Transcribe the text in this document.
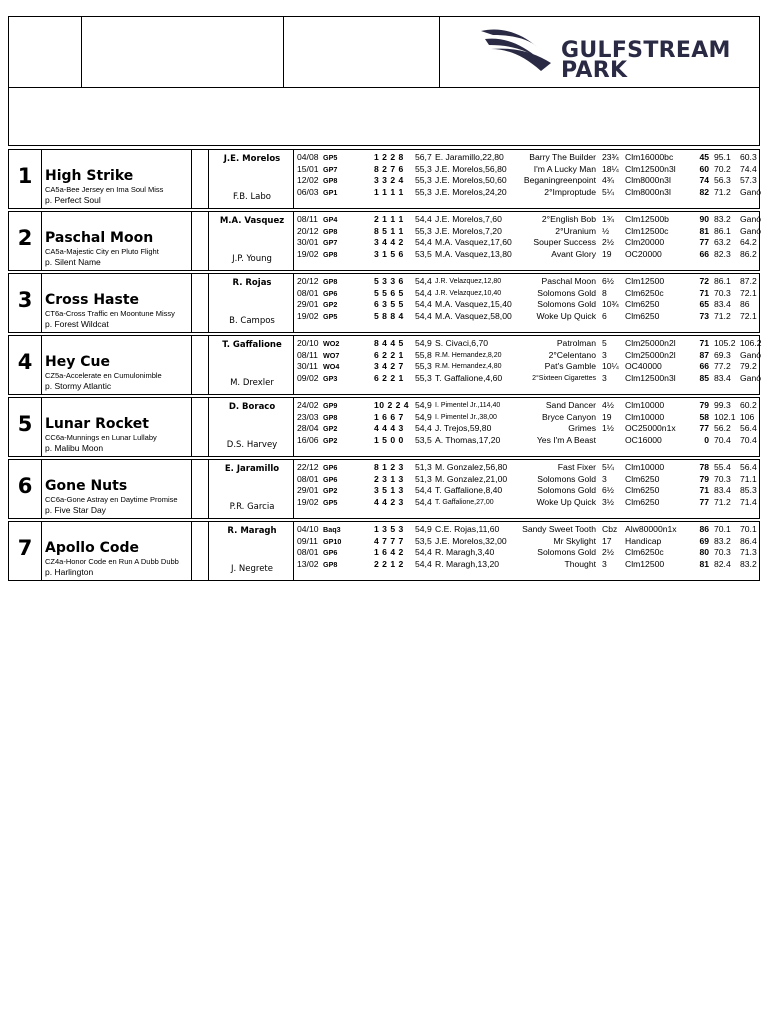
GULFSTREAM
PARK
1 High Strike
CA5a-Bee Jersey en Ima Soul Miss
p. Perfect Soul
J.E. Morelos
F.B. Labo
04/08 GP5	1 2 2 8 56,7 E. Jaramillo,22,80	Barry The Builder 23¾ Clm16000bc	45 95.1 60.3
15/01 GP7	8 2 7 6 55,3 J.E. Morelos,56,80	I'm A Lucky Man 18¼ Clm12500n3l	60 70.2 74.4
12/02 GP8	3 3 2 4 55,3 J.E. Morelos,50,60 Beganingreenpoint 4¾ Clm8000n3l	74 56.3 57.3
06/03 GP1	1 1 1 1 55,3 J.E. Morelos,24,20	2°Improptude 5¼ Clm8000n3l	82 71.2 Ganó
2 Paschal Moon
CA5a-Majestic City en Pluto Flight
p. Silent Name
M.A. Vasquez
J.P. Young
08/11 GP4	2 1 1 1 54,4 J.E. Morelos,7,60	2°English Bob 1¾ Clm12500b	90 83.2 Ganó
20/12 GP8	8 5 1 1 55,3 J.E. Morelos,7,20	2°Uranium ½ Clm12500c	81 86.1 Ganó
30/01 GP7	3 4 4 2 54,4 M.A. Vasquez,17,60	Souper Success 2½ Clm20000	77 63.2 64.2
19/02 GP8	3 1 5 6 53,5 M.A. Vasquez,13,80	Avant Glory 19 OC20000	66 82.3 86.2
3 Cross Haste
CT6a-Cross Traffic en Moontune Missy
p. Forest Wildcat
R. Rojas
B. Campos
20/12 GP8	5 3 3 6 54,4 J.R. Velazquez,12,80	Paschal Moon 6½ Clm12500	72 86.1 87.2
08/01 GP6	5 5 6 5 54,4 J.R. Velazquez,10,40	Solomons Gold 8 Clm6250c	71 70.3 72.1
29/01 GP2	6 3 5 5 54,4 M.A. Vasquez,15,40	Solomons Gold 10¾ Clm6250	65 83.4 86
19/02 GP5	5 8 8 4 54,4 M.A. Vasquez,58,00	Woke Up Quick 6 Clm6250	73 71.2 72.1
4 Hey Cue
CZ5a-Accelerate en Cumulonimble
p. Stormy Atlantic
T. Gaffalione
M. Drexler
20/10 WO2	8 4 4 5 54,9 S. Civaci,6,70	Patrolman 5 Clm25000n2l	71 105.2 106.2
08/11 WO7	6 2 2 1 55,8 R.M. Hernandez,8,20	2°Celentano 3 Clm25000n2l	87 69.3 Ganó
30/11 WO4	3 4 2 7 55,3 R.M. Hernandez,4,80	Pat's Gamble 10¼ OC40000	66 77.2 79.2
09/02 GP3	6 2 2 1 55,3 T. Gaffalione,4,60	2°Sixteen Cigarettes 3 Clm12500n3l	85 83.4 Ganó
5 Lunar Rocket
CC6a-Munnings en Lunar Lullaby
p. Malibu Moon
D. Boraco
D.S. Harvey
24/02 GP9	10 2 2 4 54,9 I. Pimentel Jr.,114,40	Sand Dancer 4½ Clm10000	79 99.3 60.2
23/03 GP8	1 6 6 7 54,9 I. Pimentel Jr.,38,00	Bryce Canyon 19 Clm10000	58 102.1 106
28/04 GP2	4 4 4 3 54,4 J. Trejos,59,80	Grimes 1½ OC25000n1x	77 56.2 56.4
16/06 GP2	1 5 0 0 53,5 A. Thomas,17,20	Yes I'm A Beast	OC16000	0 70.4 70.4
6 Gone Nuts
CC6a-Gone Astray en Daytime Promise
p. Five Star Day
E. Jaramillo
P.R. Garcia
22/12 GP6	8 1 2 3 51,3 M. Gonzalez,56,80	Fast Fixer 5¼ Clm10000	78 55.4 56.4
08/01 GP6	2 3 1 3 51,3 M. Gonzalez,21,00	Solomons Gold 3 Clm6250	79 70.3 71.1
29/01 GP2	3 5 1 3 54,4 T. Gaffalione,8,40	Solomons Gold 6½ Clm6250	71 83.4 85.3
19/02 GP5	4 4 2 3 54,4 T. Gaffalione,27,00	Woke Up Quick 3½ Clm6250	77 71.2 71.4
7 Apollo Code
CZ4a-Honor Code en Run A Dubb Dubb
p. Harlington
R. Maragh
J. Negrete
04/10 Baq3	1 3 5 3 54,9 C.E. Rojas,11,60	Sandy Sweet Tooth Cbz Alw80000n1x	86 70.1 70.1
09/11 GP10	4 7 7 7 53,5 J.E. Morelos,32,00	Mr Skylight 17 Handicap	69 83.2 86.4
08/01 GP6	1 6 4 2 54,4 R. Maragh,3,40	Solomons Gold 2½ Clm6250c	80 70.3 71.3
13/02 GP8	2 2 1 2 54,4 R. Maragh,13,20	Thought 3 Clm12500	81 82.4 83.2
